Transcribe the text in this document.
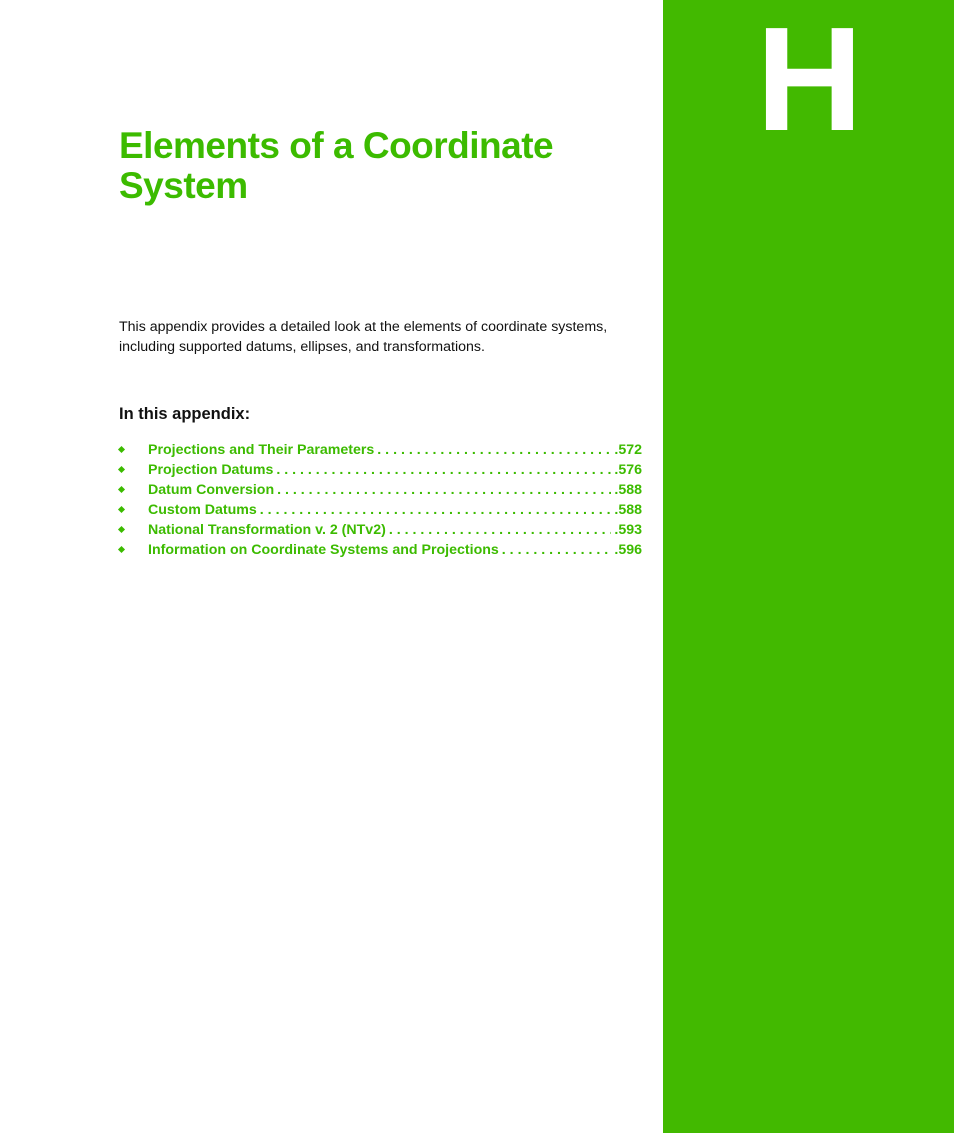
H
Elements of a Coordinate System

This appendix provides a detailed look at the elements of coordinate systems, including supported datums, ellipses, and transformations.

In this appendix:
Projections and Their Parameters . . .	.572
Projection Datums . . .	.576
Datum Conversion . . .	.588
Custom Datums . . .	.588
National Transformation v. 2 (NTv2) . . .	.593
Information on Coordinate Systems and Projections . . .	.596
